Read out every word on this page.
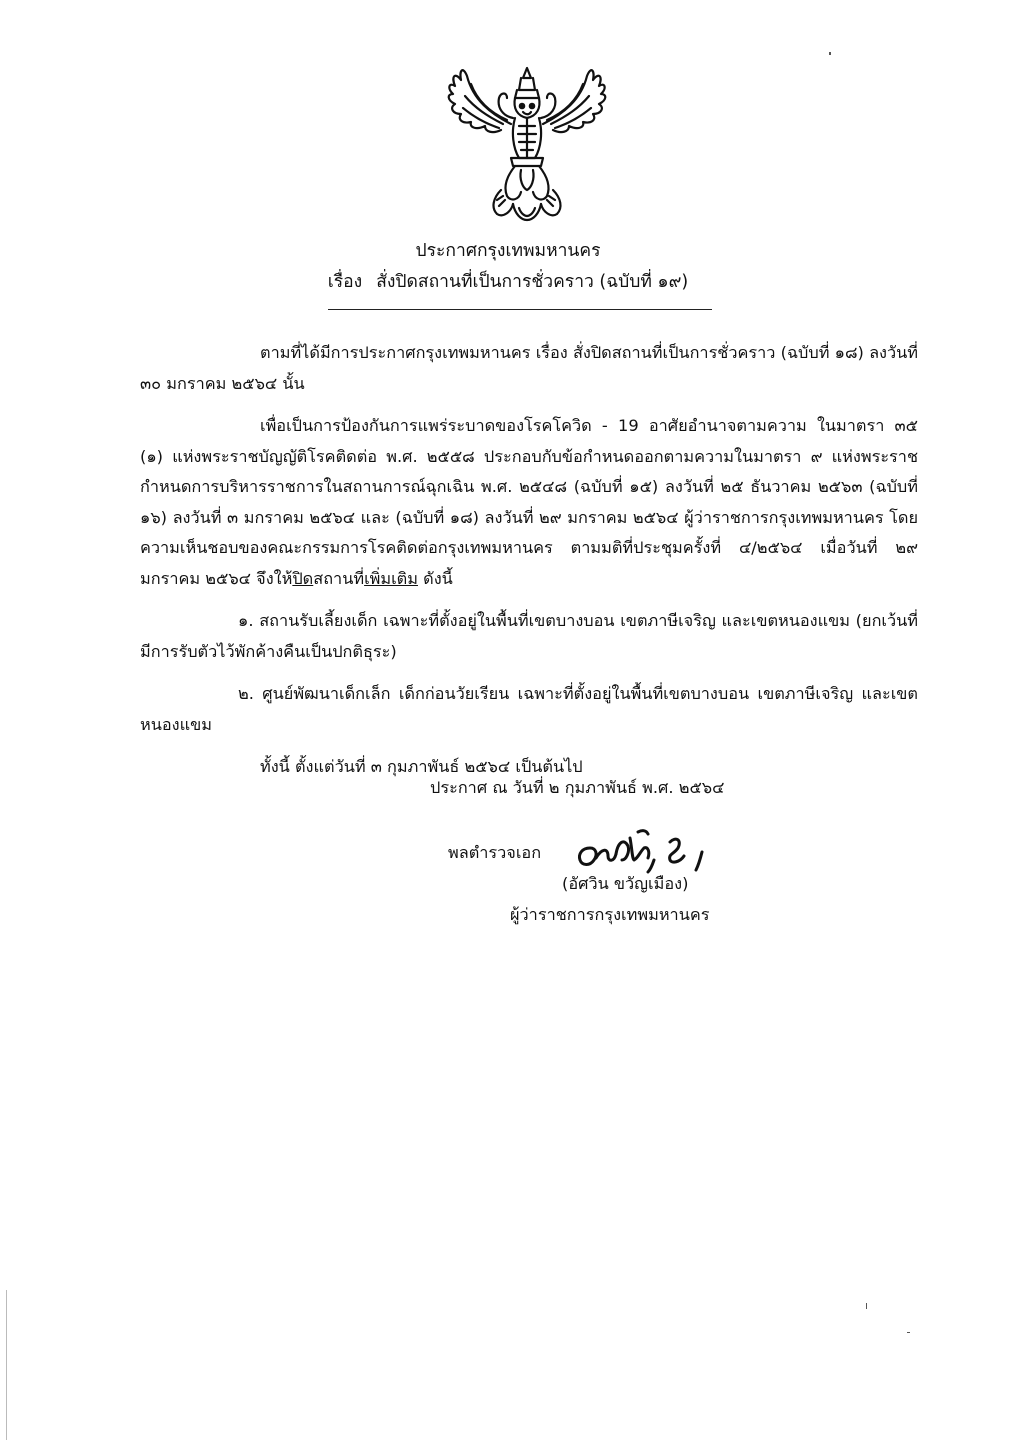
ประกาศกรุงเทพมหานคร
เรื่อง สั่งปิดสถานที่เป็นการชั่วคราว (ฉบับที่ ๑๙)

ตามที่ได้มีการประกาศกรุงเทพมหานคร เรื่อง สั่งปิดสถานที่เป็นการชั่วคราว (ฉบับที่ ๑๘) ลงวันที่ ๓๐ มกราคม ๒๕๖๔ นั้น

เพื่อเป็นการป้องกันการแพร่ระบาดของโรคโควิด - 19 อาศัยอำนาจตามความ ในมาตรา ๓๕ (๑) แห่งพระราชบัญญัติโรคติดต่อ พ.ศ. ๒๕๕๘ ประกอบกับข้อกำหนดออกตามความในมาตรา ๙ แห่งพระราชกำหนดการบริหารราชการในสถานการณ์ฉุกเฉิน พ.ศ. ๒๕๔๘ (ฉบับที่ ๑๕) ลงวันที่ ๒๕ ธันวาคม ๒๕๖๓ (ฉบับที่ ๑๖) ลงวันที่ ๓ มกราคม ๒๕๖๔ และ (ฉบับที่ ๑๘) ลงวันที่ ๒๙ มกราคม ๒๕๖๔ ผู้ว่าราชการกรุงเทพมหานคร โดยความเห็นชอบของคณะกรรมการโรคติดต่อกรุงเทพมหานคร ตามมติที่ประชุมครั้งที่ ๔/๒๕๖๔ เมื่อวันที่ ๒๙ มกราคม ๒๕๖๔ จึงให้ปิดสถานที่เพิ่มเติม ดังนี้

๑. สถานรับเลี้ยงเด็ก เฉพาะที่ตั้งอยู่ในพื้นที่เขตบางบอน เขตภาษีเจริญ และเขตหนองแขม (ยกเว้นที่มีการรับตัวไว้พักค้างคืนเป็นปกติธุระ)

๒. ศูนย์พัฒนาเด็กเล็ก เด็กก่อนวัยเรียน เฉพาะที่ตั้งอยู่ในพื้นที่เขตบางบอน เขตภาษีเจริญ และเขตหนองแขม

ทั้งนี้ ตั้งแต่วันที่ ๓ กุมภาพันธ์ ๒๕๖๔ เป็นต้นไป

ประกาศ ณ วันที่ ๒ กุมภาพันธ์ พ.ศ. ๒๕๖๔
พลตำรวจเอก
(อัศวิน ขวัญเมือง)
ผู้ว่าราชการกรุงเทพมหานคร
